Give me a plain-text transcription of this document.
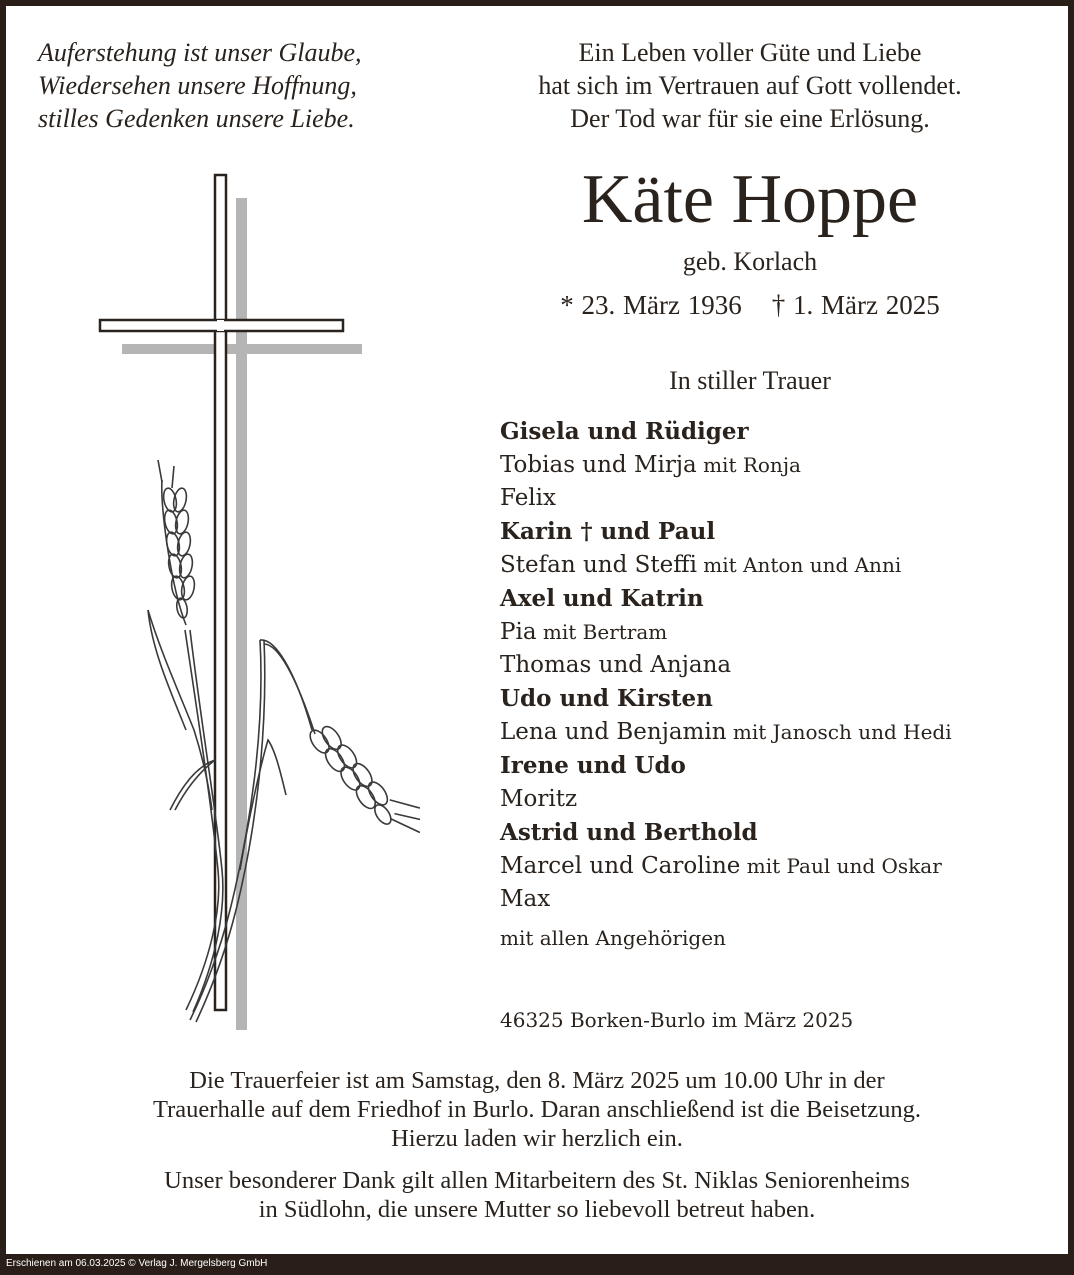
Auferstehung ist unser Glaube,
Wiedersehen unsere Hoffnung,
stilles Gedenken unsere Liebe.
Ein Leben voller Güte und Liebe
hat sich im Vertrauen auf Gott vollendet.
Der Tod war für sie eine Erlösung.
Käte Hoppe
geb. Korlach
* 23. März 1936 † 1. März 2025
In stiller Trauer
Gisela und Rüdiger
Tobias und Mirja mit Ronja
Felix
Karin † und Paul
Stefan und Steffi mit Anton und Anni
Axel und Katrin
Pia mit Bertram
Thomas und Anjana
Udo und Kirsten
Lena und Benjamin mit Janosch und Hedi
Irene und Udo
Moritz
Astrid und Berthold
Marcel und Caroline mit Paul und Oskar
Max
mit allen Angehörigen
46325 Borken-Burlo im März 2025
Die Trauerfeier ist am Samstag, den 8. März 2025 um 10.00 Uhr in der
Trauerhalle auf dem Friedhof in Burlo. Daran anschließend ist die Beisetzung.
Hierzu laden wir herzlich ein.
Unser besonderer Dank gilt allen Mitarbeitern des St. Niklas Seniorenheims
in Südlohn, die unsere Mutter so liebevoll betreut haben.
Erschienen am 06.03.2025 © Verlag J. Mergelsberg GmbH
